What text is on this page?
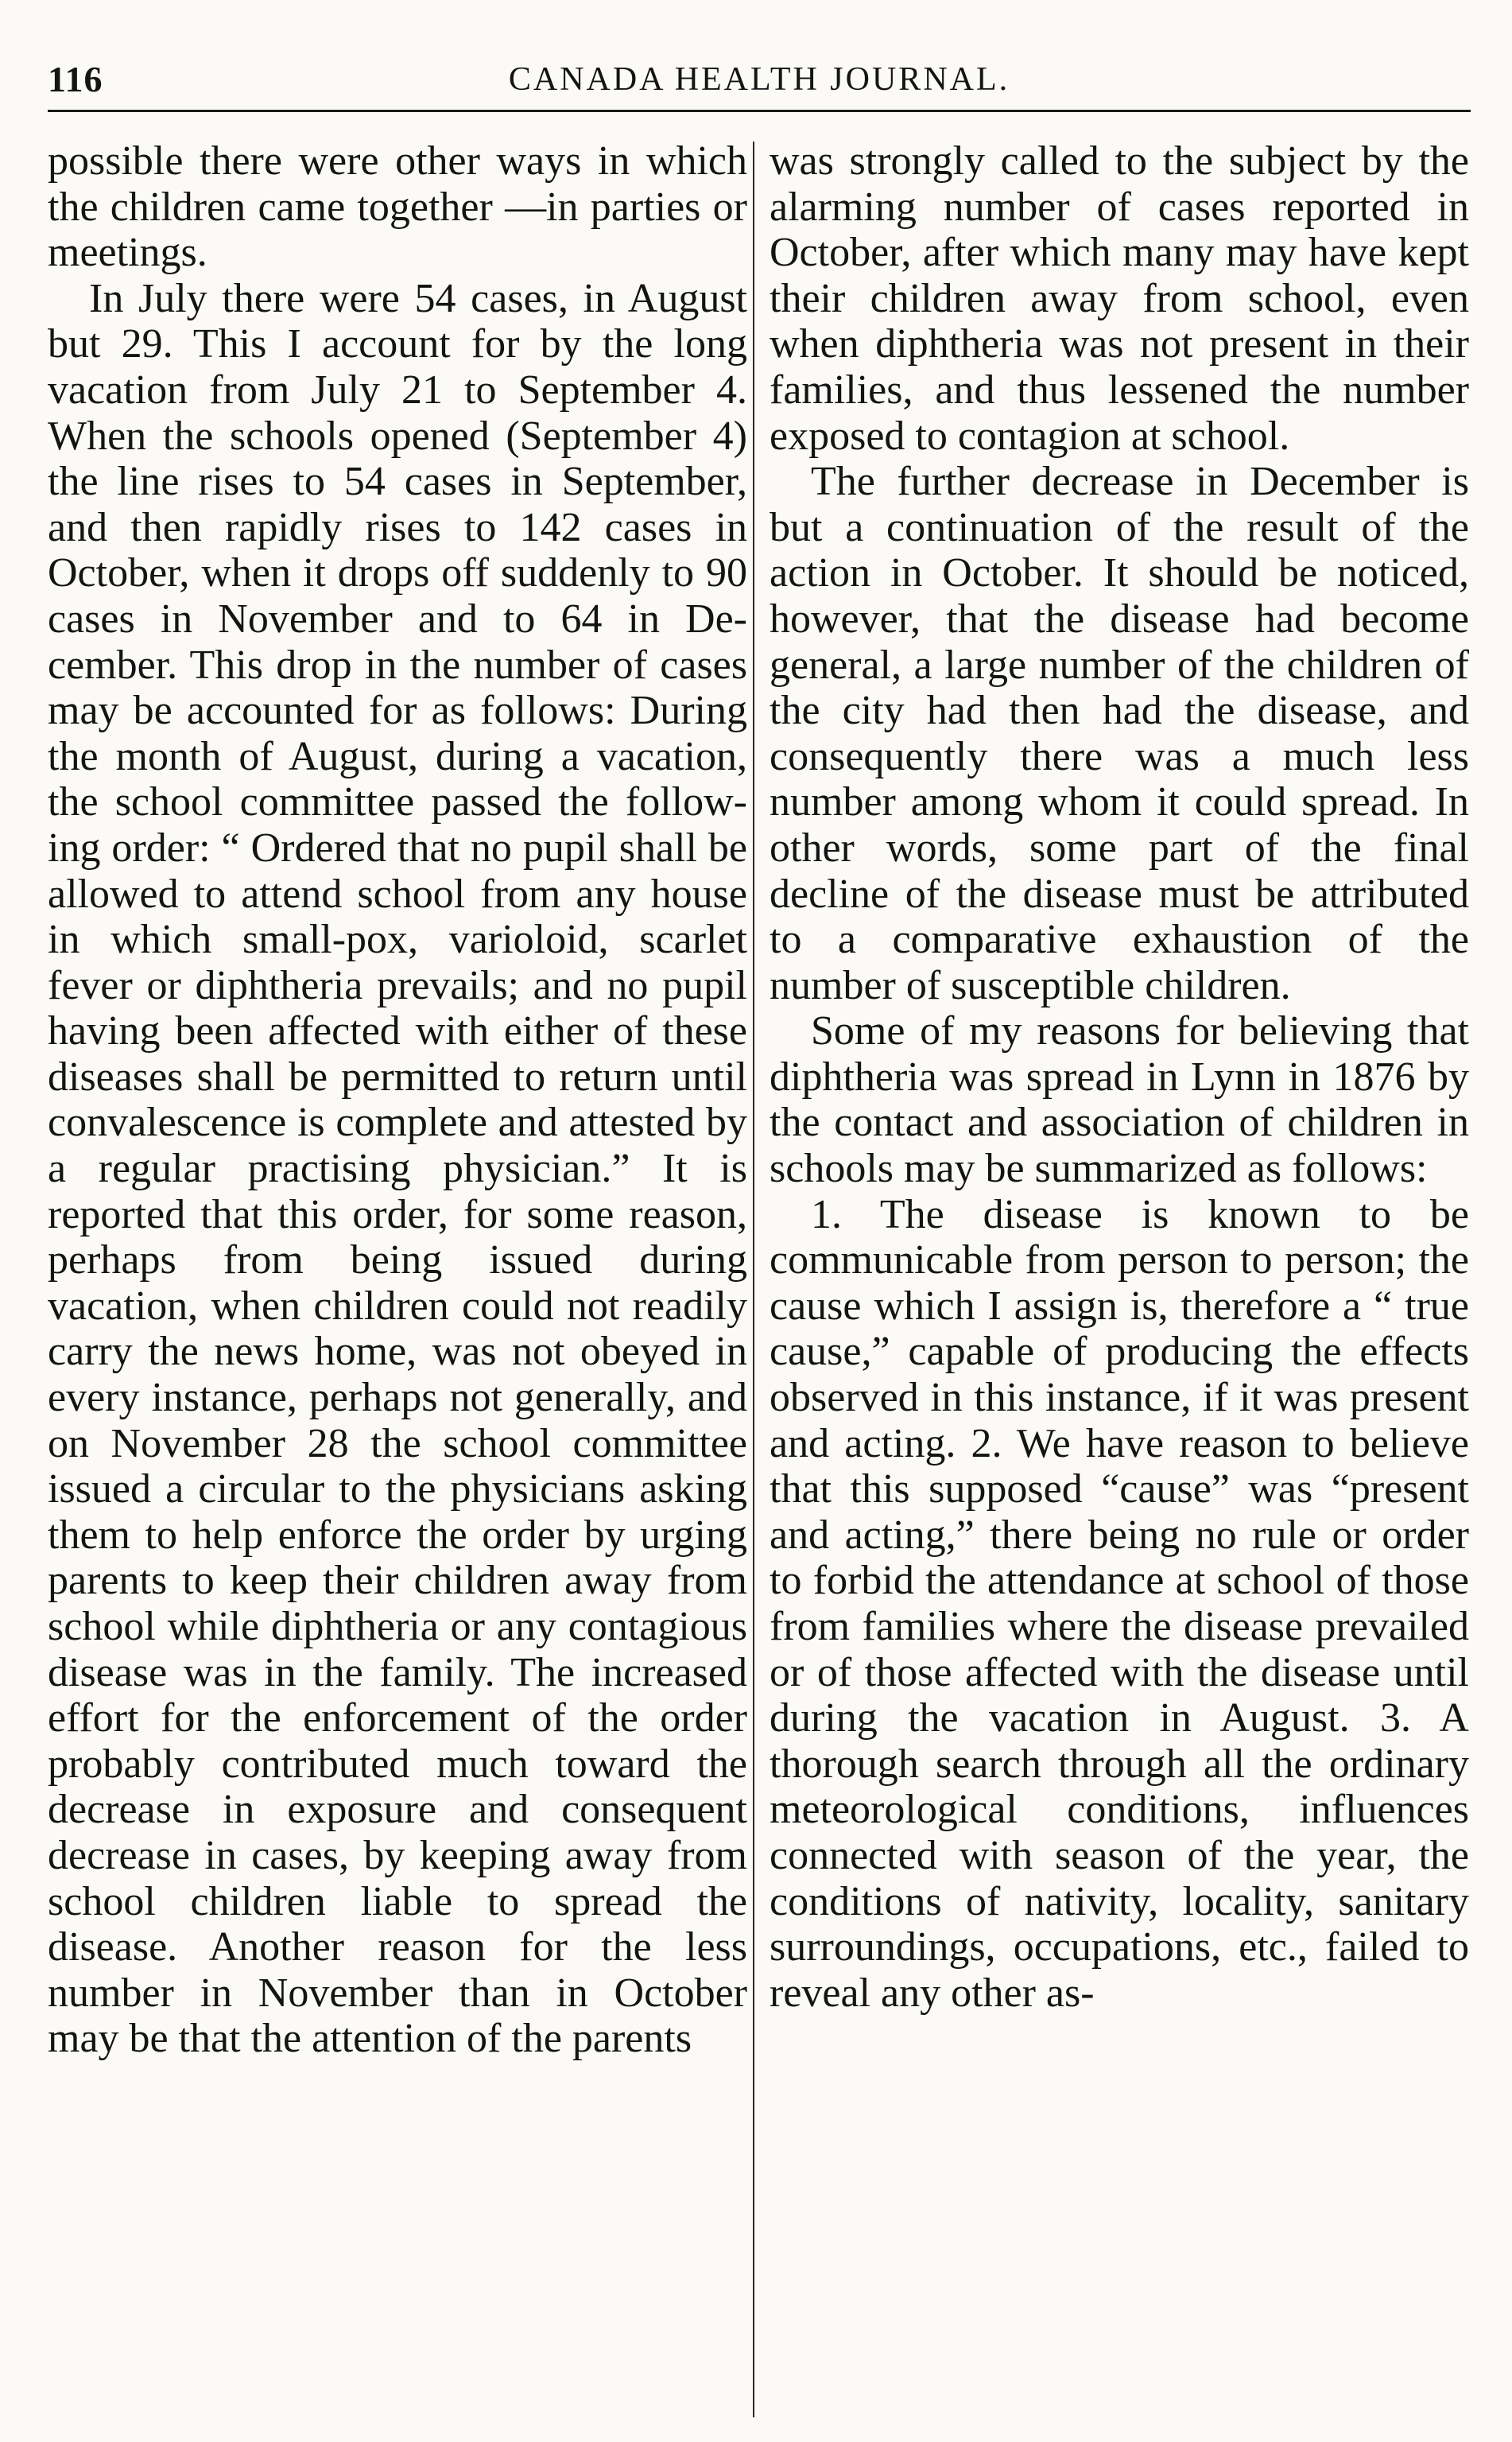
116	CANADA HEALTH JOURNAL.

possible there were other ways in which the children came together —in parties or meetings.

In July there were 54 cases, in August but 29. This I account for by the long vacation from July 21 to September 4. When the schools opened (September 4) the line rises to 54 cases in September, and then rapidly rises to 142 cases in October, when it drops off suddenly to 90 cases in November and to 64 in December. This drop in the number of cases may be accounted for as follows: During the month of August, during a vacation, the school committee passed the following order: “ Ordered that no pupil shall be allowed to attend school from any house in which small-pox, varioloid, scarlet fever or diphtheria prevails; and no pupil having been affected with either of these diseases shall be permitted to return until convalescence is complete and attested by a regular practising physician.” It is reported that this order, for some reason, perhaps from being issued during vacation, when children could not readily carry the news home, was not obeyed in every instance, perhaps not generally, and on November 28 the school committee issued a circular to the physicians asking them to help enforce the order by urging parents to keep their children away from school while diphtheria or any contagious disease was in the family. The increased effort for the enforcement of the order probably contributed much toward the decrease in exposure and consequent decrease in cases, by keeping away from school children liable to spread the disease. Another reason for the less number in November than in October may be that the attention of the parents

was strongly called to the subject by the alarming number of cases reported in October, after which many may have kept their children away from school, even when diphtheria was not present in their families, and thus lessened the number exposed to contagion at school.

The further decrease in December is but a continuation of the result of the action in October. It should be noticed, however, that the disease had become general, a large number of the children of the city had then had the disease, and consequently there was a much less number among whom it could spread. In other words, some part of the final decline of the disease must be attributed to a comparative exhaustion of the number of susceptible children.

Some of my reasons for believing that diphtheria was spread in Lynn in 1876 by the contact and association of children in schools may be summarized as follows:

1. The disease is known to be communicable from person to person; the cause which I assign is, therefore a “ true cause,” capable of producing the effects observed in this instance, if it was present and acting. 2. We have reason to believe that this supposed “cause” was “present and acting,” there being no rule or order to forbid the attendance at school of those from families where the disease prevailed or of those affected with the disease until during the vacation in August. 3. A thorough search through all the ordinary meteorological conditions, influences connected with season of the year, the conditions of nativity, locality, sanitary surroundings, occupations, etc., failed to reveal any other as-
